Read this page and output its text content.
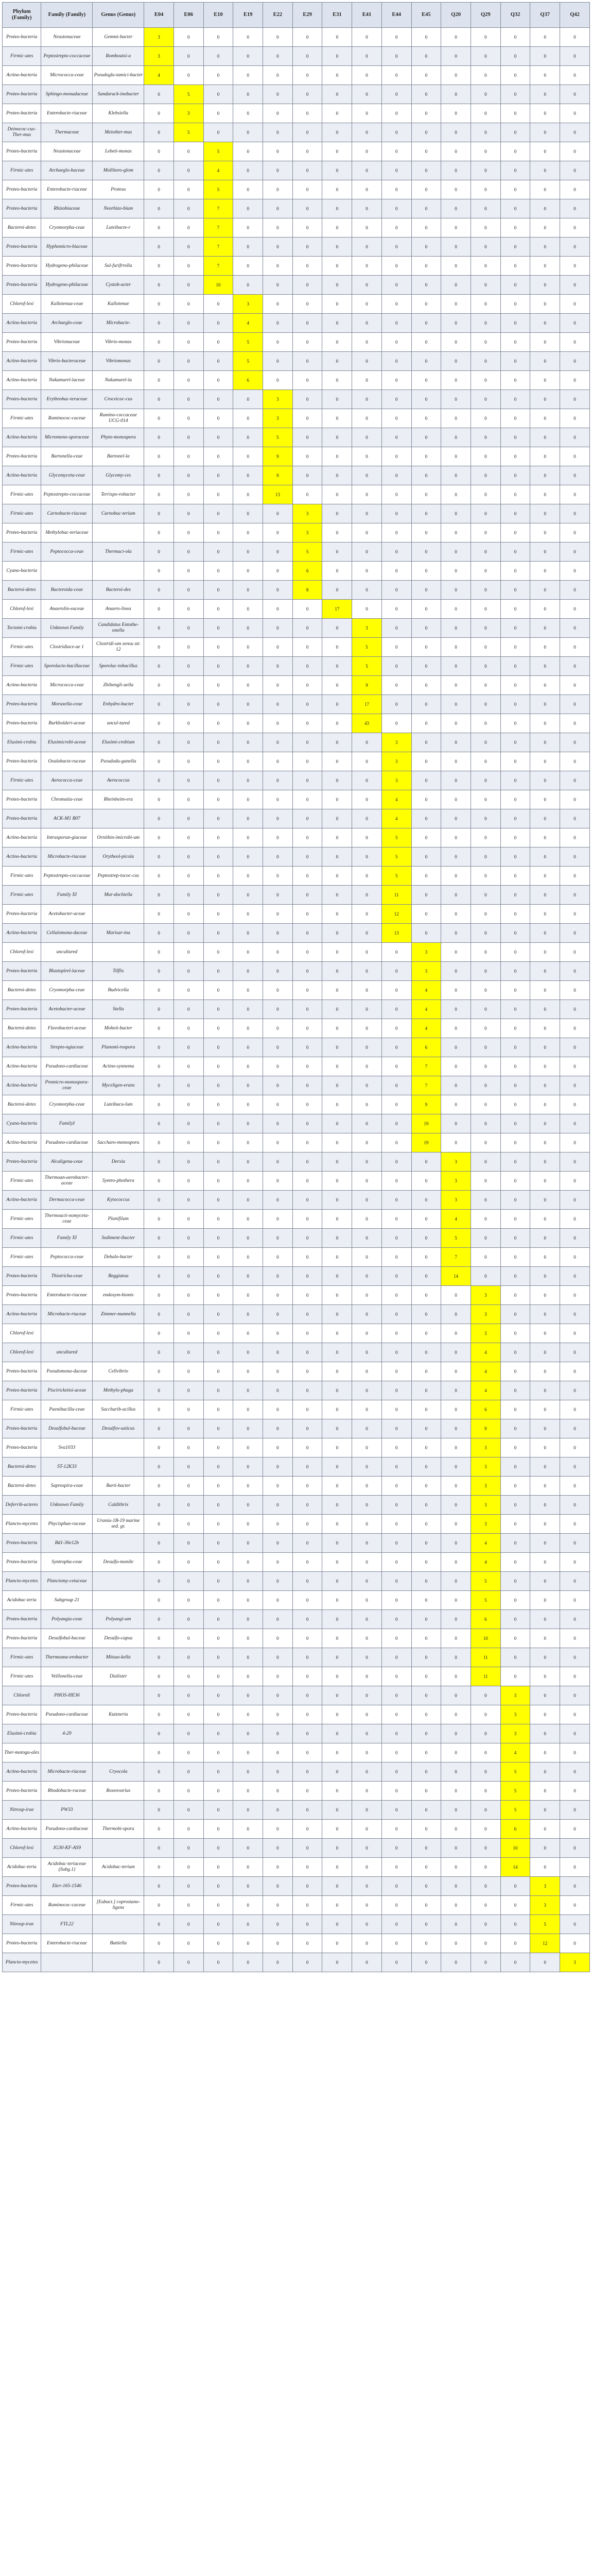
Phylum (Family)	Family (Family)	Genus (Genus)	E04	E06	E10	E19	E22	E29	E31	E41	E44	E45	Q20	Q29	Q32	Q37	Q42
Proteo-bacteria	Neustonaceae	Gemmi-bacter	3	0	0	0	0	0	0	0	0	0	0	0	0	0	0
Firmic-utes	Peptostrepto-coccaceae	Romboutsi-a	3	0	0	0	0	0	0	0	0	0	0	0	0	0	0
Actino-bacteria	Micrococca-ceae	Pseudoglu-tamici-bacter	4	0	0	0	0	0	0	0	0	0	0	0	0	0	0
Proteo-bacteria	Sphingo-monadaceae	Sandarack-inobacter	0	5	0	0	0	0	0	0	0	0	0	0	0	0	0
Proteo-bacteria	Enterobacte-riaceae	Klebsiella	0	3	0	0	0	0	0	0	0	0	0	0	0	0	0
Deinococ-cus-Ther-mus	Thermaceae	Meiother-mus	0	5	0	0	0	0	0	0	0	0	0	0	0	0	0
Proteo-bacteria	Neustonaceae	Lebeti-monas	0	0	5	0	0	0	0	0	0	0	0	0	0	0	0
Firmic-utes	Archaeglo-baceae	Mollitoro-glom	0	0	4	0	0	0	0	0	0	0	0	0	0	0	0
Proteo-bacteria	Enterobacte-riaceae	Proteus	0	0	5	0	0	0	0	0	0	0	0	0	0	0	0
Proteo-bacteria	Rhizobiaceae	Neorhizo-bium	0	0	7	0	0	0	0	0	0	0	0	0	0	0	0
Bacteroi-detes	Cryomorpha-ceae	Luteibacte-r	0	0	7	0	0	0	0	0	0	0	0	0	0	0	0
Proteo-bacteria	Hyphomicro-biaceae		0	0	7	0	0	0	0	0	0	0	0	0	0	0	0
Proteo-bacteria	Hydrogeno-philaceae	Sul-furifrrolla	0	0	7	0	0	0	0	0	0	0	0	0	0	0	0
Proteo-bacteria	Hydrogeno-philaceae	Cystob-acter	0	0	10	0	0	0	0	0	0	0	0	0	0	0	0
Chlorof-lexi	Kallotenua-ceae	Kallotenue	0	0	0	3	0	0	0	0	0	0	0	0	0	0	0
Actino-bacteria	Archaeglo-ceae	Microbacte-	0	0	0	4	0	0	0	0	0	0	0	0	0	0	0
Proteo-bacteria	Vibrionaceae	Vibrio-monas	0	0	0	5	0	0	0	0	0	0	0	0	0	0	0
Actino-bacteria	Vibrio-bacteraceae	Vibriomonas	0	0	0	5	0	0	0	0	0	0	0	0	0	0	0
Actino-bacteria	Nakamurel-laceae	Nakamurel-la	0	0	0	6	0	0	0	0	0	0	0	0	0	0	0
Proteo-bacteria	Erythrobac-teraceae	Croceicoc-cus	0	0	0	0	3	0	0	0	0	0	0	0	0	0	0
Firmic-utes	Ruminococ-caceae	Rumino-coccaceae UCG-014	0	0	0	0	3	0	0	0	0	0	0	0	0	0	0
Actino-bacteria	Micromono-sporaceae	Phyto-monospora	0	0	0	0	5	0	0	0	0	0	0	0	0	0	0
Proteo-bacteria	Bartonella-ceae	Bartonel-la	0	0	0	0	9	0	0	0	0	0	0	0	0	0	0
Actino-bacteria	Glycomyceta-ceae	Glycomy-ces	0	0	0	0	9	0	0	0	0	0	0	0	0	0	0
Firmic-utes	Peptostrepto-coccaceae	Terrispo-robacter	0	0	0	0	13	0	0	0	0	0	0	0	0	0	0
Firmic-utes	Carnobacte-riaceae	Carnobac-terium	0	0	0	0	0	3	0	0	0	0	0	0	0	0	0
Proteo-bacteria	Methylobac-teriaceae		0	0	0	0	0	3	0	0	0	0	0	0	0	0	0
Firmic-utes	Peptococca-ceae	Thermaci-ola	0	0	0	0	0	5	0	0	0	0	0	0	0	0	0
Cyano-bacteria			0	0	0	0	0	6	0	0	0	0	0	0	0	0	0
Bacteroi-detes	Bacteroida-ceae	Bacteroi-des	0	0	0	0	0	8	0	0	0	0	0	0	0	0	0
Chlorof-lexi	Anaerolin-eaceae	Anaero-linea	0	0	0	0	0	0	17	0	0	0	0	0	0	0	0
Tectomi-crobia	Unknown Family	Candidatus Entothe-onella	0	0	0	0	0	0	0	3	0	0	0	0	0	0	0
Firmic-utes	Clostridiace-ae 1	Clostridi-um sensu str. 12	0	0	0	0	0	0	0	5	0	0	0	0	0	0	0
Firmic-utes	Sporolacto-bacillaceae	Sporolac-tobacillus	0	0	0	0	0	0	0	5	0	0	0	0	0	0	0
Actino-bacteria	Micrococca-ceae	Zhihengli-uella	0	0	0	0	0	0	0	9	0	0	0	0	0	0	0
Proteo-bacteria	Moraxella-ceae	Enhydro-bacter	0	0	0	0	0	0	0	17	0	0	0	0	0	0	0
Proteo-bacteria	Burkholderi-aceae	uncul-tured	0	0	0	0	0	0	0	43	0	0	0	0	0	0	0
Elusimi-crobia	Elusimicrobi-aceae	Elusimi-crobium	0	0	0	0	0	0	0	0	3	0	0	0	0	0	0
Proteo-bacteria	Oxalobacte-raceae	Pseudodu-ganella	0	0	0	0	0	0	0	0	3	0	0	0	0	0	0
Firmic-utes	Aerococca-ceae	Aerococcus	0	0	0	0	0	0	0	0	3	0	0	0	0	0	0
Proteo-bacteria	Chromatia-ceae	Rheinheim-era	0	0	0	0	0	0	0	0	4	0	0	0	0	0	0
Proteo-bacteria	ACK-M1 B07		0	0	0	0	0	0	0	0	4	0	0	0	0	0	0
Actino-bacteria	Intrasporan-giaceae	Ornithin-imicrobi-um	0	0	0	0	0	0	0	0	5	0	0	0	0	0	0
Actino-bacteria	Microbacte-riaceae	Orytheol-picola	0	0	0	0	0	0	0	0	5	0	0	0	0	0	0
Firmic-utes	Peptostrepto-coccaceae	Peptostrep-tococ-cus	0	0	0	0	0	0	0	0	5	0	0	0	0	0	0
Firmic-utes	Family XI	Mur-dochiella	0	0	0	0	0	0	0	0	11	0	0	0	0	0	0
Proteo-bacteria	Acetobacter-aceae		0	0	0	0	0	0	0	0	12	0	0	0	0	0	0
Actino-bacteria	Cellulomona-daceae	Marisar-ina	0	0	0	0	0	0	0	0	13	0	0	0	0	0	0
Chlorof-lexi	uncultured		0	0	0	0	0	0	0	0	0	3	0	0	0	0	0
Proteo-bacteria	Blastopirel-laceae	Tilflis	0	0	0	0	0	0	0	0	0	3	0	0	0	0	0
Bacteroi-detes	Cryomorpha-ceae	Budvicella	0	0	0	0	0	0	0	0	0	4	0	0	0	0	0
Proteo-bacteria	Acetobacter-aceae	Stella	0	0	0	0	0	0	0	0	0	4	0	0	0	0	0
Bacteroi-detes	Flavobacteri-aceae	Moheit-bacter	0	0	0	0	0	0	0	0	0	4	0	0	0	0	0
Actino-bacteria	Strepto-ngiaceae	Planomi-rospora	0	0	0	0	0	0	0	0	0	6	0	0	0	0	0
Actino-bacteria	Pseudono-cardiaceae	Actino-synnema	0	0	0	0	0	0	0	0	0	7	0	0	0	0	0
Actino-bacteria	Promicro-monospora-ceae	Myceligen-erans	0	0	0	0	0	0	0	0	0	7	0	0	0	0	0
Bacteroi-detes	Cryomorpha-ceae	Luteibacu-lum	0	0	0	0	0	0	0	0	0	9	0	0	0	0	0
Cyano-bacteria	FamilyI		0	0	0	0	0	0	0	0	0	19	0	0	0	0	0
Actino-bacteria	Pseudono-cardiaceae	Saccharo-monospora	0	0	0	0	0	0	0	0	0	19	0	0	0	0	0
Proteo-bacteria	Alcaligena-ceae	Derxia	0	0	0	0	0	0	0	0	0	0	3	0	0	0	0
Firmic-utes	Thermoan-aerobacter-aceae	Syntro-phothera	0	0	0	0	0	0	0	0	0	0	3	0	0	0	0
Actino-bacteria	Dermacocca-ceae	Kytococcus	0	0	0	0	0	0	0	0	0	0	3	0	0	0	0
Firmic-utes	Thermoacti-nomyceta-ceae	Planifilum	0	0	0	0	0	0	0	0	0	0	4	0	0	0	0
Firmic-utes	Family XI	Sediment-ibacter	0	0	0	0	0	0	0	0	0	0	5	0	0	0	0
Firmic-utes	Peptococca-ceae	Dehalo-bacter	0	0	0	0	0	0	0	0	0	0	7	0	0	0	0
Proteo-bacteria	Thiotricha-ceae	Beggiatoa	0	0	0	0	0	0	0	0	0	0	14	0	0	0	0
Proteo-bacteria	Enterobacte-riaceae	endosym-bionts	0	0	0	0	0	0	0	0	0	0	0	3	0	0	0
Actino-bacteria	Microbacte-riaceae	Zimmer-mannella	0	0	0	0	0	0	0	0	0	0	0	3	0	0	0
Chlorof-lexi			0	0	0	0	0	0	0	0	0	0	0	3	0	0	0
Chlorof-lexi	uncultured		0	0	0	0	0	0	0	0	0	0	0	4	0	0	0
Proteo-bacteria	Pseudomona-daceae	Cellvibrio	0	0	0	0	0	0	0	0	0	0	0	4	0	0	0
Proteo-bacteria	Piscirickettsi-aceae	Methylo-phaga	0	0	0	0	0	0	0	0	0	0	0	4	0	0	0
Firmic-utes	Paenibacilla-ceae	Saccharib-acillus	0	0	0	0	0	0	0	0	0	0	0	6	0	0	0
Proteo-bacteria	Desulfobul-baceae	Desulfov-usticus	0	0	0	0	0	0	0	0	0	0	0	9	0	0	0
Proteo-bacteria	Sva1033		0	0	0	0	0	0	0	0	0	0	0	3	0	0	0
Bacteroi-detes	ST-12K33		0	0	0	0	0	0	0	0	0	0	0	3	0	0	0
Bacteroi-detes	Saprospira-ceae	Barti-bacter	0	0	0	0	0	0	0	0	0	0	0	3	0	0	0
Deferrib-acteres	Unknown Family	Caldithrix	0	0	0	0	0	0	0	0	0	0	0	3	0	0	0
Plancto-mycetes	Phycisphae-raceae	Urania-1B-19 marine sed. gr.	0	0	0	0	0	0	0	0	0	0	0	3	0	0	0
Proteo-bacteria	Bd1-36e12b		0	0	0	0	0	0	0	0	0	0	0	4	0	0	0
Proteo-bacteria	Syntropha-ceae	Desulfo-monile	0	0	0	0	0	0	0	0	0	0	0	4	0	0	0
Plancto-mycetes	Planctomy-cetaceae		0	0	0	0	0	0	0	0	0	0	0	5	0	0	0
Acidobac-teria	Subgroup 21		0	0	0	0	0	0	0	0	0	0	0	5	0	0	0
Proteo-bacteria	Polyangia-ceae	Polyangi-um	0	0	0	0	0	0	0	0	0	0	0	6	0	0	0
Proteo-bacteria	Desulfobul-baceae	Desulfo-capsa	0	0	0	0	0	0	0	0	0	0	0	10	0	0	0
Firmic-utes	Thermoana-erobacter	Mitsuo-kella	0	0	0	0	0	0	0	0	0	0	0	11	0	0	0
Firmic-utes	Veillonella-ceae	Dialister	0	0	0	0	0	0	0	0	0	0	0	11	0	0	0
Chloroli	PHOS-HE36		0	0	0	0	0	0	0	0	0	0	0	0	3	0	0
Proteo-bacteria	Pseudono-cardiaceae	Kutzneria	0	0	0	0	0	0	0	0	0	0	0	0	3	0	0
Elusimi-crobia	4-29		0	0	0	0	0	0	0	0	0	0	0	0	3	0	0
Ther-motoga-ales			0	0	0	0	0	0	0	0	0	0	0	0	4	0	0
Actino-bacteria	Microbacte-riaceae	Cryocola	0	0	0	0	0	0	0	0	0	0	0	0	5	0	0
Proteo-bacteria	Rhodobacte-raceae	Roseovarius	0	0	0	0	0	0	0	0	0	0	0	0	5	0	0
Nitrosp-irae	PW33		0	0	0	0	0	0	0	0	0	0	0	0	5	0	0
Actino-bacteria	Pseudono-cardiaceae	Thermobi-spora	0	0	0	0	0	0	0	0	0	0	0	0	6	0	0
Chlorof-lexi	JG30-KF-AS9		0	0	0	0	0	0	0	0	0	0	0	0	10	0	0
Acidobac-teria	Acidobac-teriaceae (Subg.1)	Acidobac-terium	0	0	0	0	0	0	0	0	0	0	0	0	14	0	0
Proteo-bacteria	Ekrr-165-1546		0	0	0	0	0	0	0	0	0	0	0	0	0	3	0
Firmic-utes	Ruminococ-caceae	[Eubact.] coprostano-ligens	0	0	0	0	0	0	0	0	0	0	0	0	0	3	0
Nitrosp-irae	FTL22		0	0	0	0	0	0	0	0	0	0	0	0	0	5	0
Proteo-bacteria	Enterobacte-riaceae	Buttiella	0	0	0	0	0	0	0	0	0	0	0	0	0	12	0
Plancto-mycetes			0	0	0	0	0	0	0	0	0	0	0	0	0	0	3
